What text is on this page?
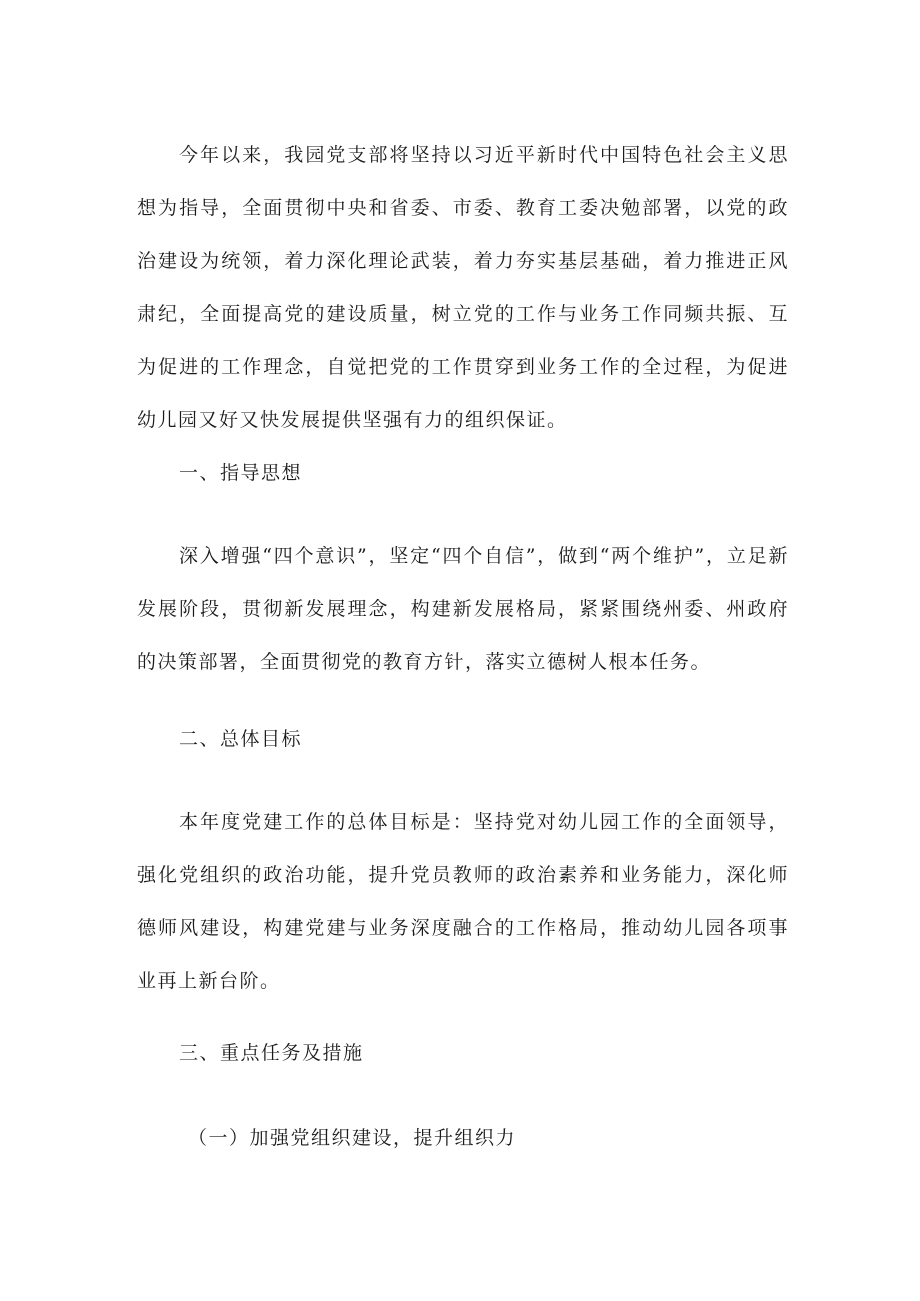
今年以来，我园党支部将坚持以习近平新时代中国特色社会主义思想为指导，全面贯彻中央和省委、市委、教育工委决勉部署，以党的政治建设为统领，着力深化理论武装，着力夯实基层基础，着力推进正风肃纪，全面提高党的建设质量，树立党的工作与业务工作同频共振、互为促进的工作理念，自觉把党的工作贯穿到业务工作的全过程，为促进幼儿园又好又快发展提供坚强有力的组织保证。

一、指导思想

深入增强“四个意识”，坚定“四个自信”，做到“两个维护”，立足新发展阶段，贯彻新发展理念，构建新发展格局，紧紧围绕州委、州政府的决策部署，全面贯彻党的教育方针，落实立德树人根本任务。

二、总体目标

本年度党建工作的总体目标是：坚持党对幼儿园工作的全面领导，强化党组织的政治功能，提升党员教师的政治素养和业务能力，深化师德师风建设，构建党建与业务深度融合的工作格局，推动幼儿园各项事业再上新台阶。

三、重点任务及措施
（一）加强党组织建设，提升组织力
